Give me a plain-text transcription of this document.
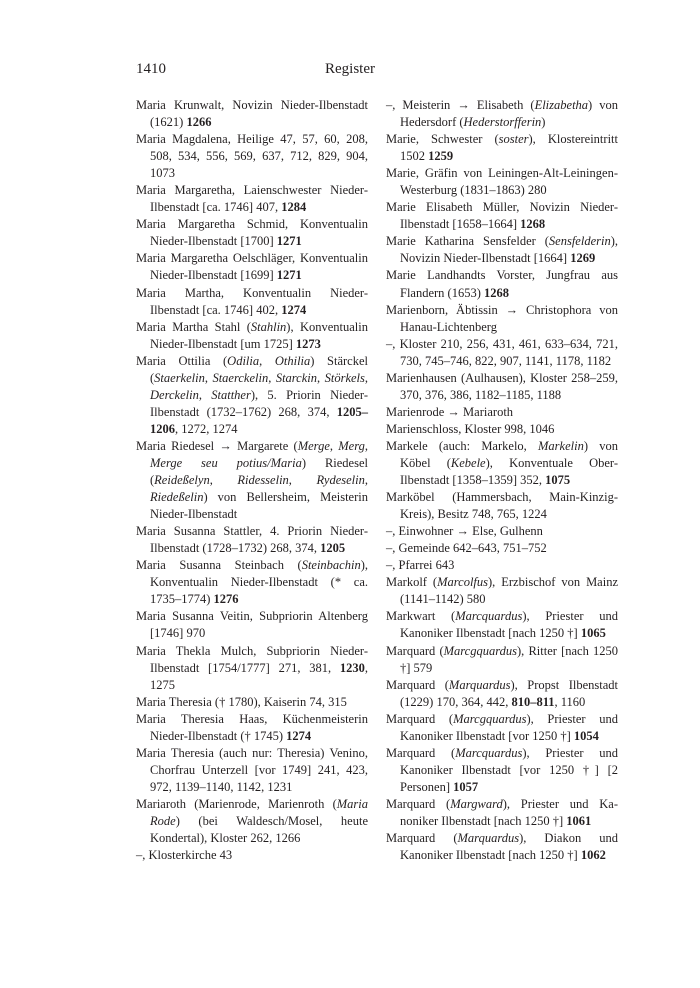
1410	Register

Maria Krunwalt, Novizin Nieder-Ilbenstadt (1621) 1266

Maria Magdalena, Heilige 47, 57, 60, 208, 508, 534, 556, 569, 637, 712, 829, 904, 1073

Maria Margaretha, Laienschwester Nieder-Ilbenstadt [ca. 1746] 407, 1284

Maria Margaretha Schmid, Konventualin Nieder-Ilbenstadt [1700] 1271

Maria Margaretha Oelschläger, Konventualin Nieder-Ilbenstadt [1699] 1271

Maria Martha, Konventualin Nieder-Ilbenstadt [ca. 1746] 402, 1274

Maria Martha Stahl (Stahlin), Konventualin Nieder-Ilbenstadt [um 1725] 1273

Maria Ottilia (Odilia, Othilia) Stärckel (Staerkelin, Staerckelin, Starckin, Störkels, Derckelin, Statther), 5. Priorin Nieder-Ilbenstadt (1732–1762) 268, 374, 1205–1206, 1272, 1274

Maria Riedesel → Margarete (Merge, Merg, Merge seu potius/Maria) Riedesel (Reideßelyn, Ridesselin, Rydeselin, Riedeßelin) von Bellersheim, Meisterin Nieder-Ilbenstadt

Maria Susanna Stattler, 4. Priorin Nieder-Ilbenstadt (1728–1732) 268, 374, 1205

Maria Susanna Steinbach (Steinbachin), Konventualin Nieder-Ilbenstadt (* ca. 1735–1774) 1276

Maria Susanna Veitin, Subpriorin Altenberg [1746] 970

Maria Thekla Mulch, Subpriorin Nieder-Ilbenstadt [1754/1777] 271, 381, 1230, 1275

Maria Theresia († 1780), Kaiserin 74, 315

Maria Theresia Haas, Küchenmeisterin Nieder-Ilbenstadt († 1745) 1274

Maria Theresia (auch nur: Theresia) Venino, Chorfrau Unterzell [vor 1749] 241, 423, 972, 1139–1140, 1142, 1231

Mariaroth (Marienrode, Marienroth (Maria Rode) (bei Waldesch/Mosel, heute Kondertal), Kloster 262, 1266

–, Klosterkirche 43

–, Meisterin → Elisabeth (Elizabetha) von Hedersdorf (Hederstorfferin)

Marie, Schwester (soster), Klostereintritt 1502 1259

Marie, Gräfin von Leiningen-Alt-Leiningen-Westerburg (1831–1863) 280

Marie Elisabeth Müller, Novizin Nieder-Ilbenstadt [1658–1664] 1268

Marie Katharina Sensfelder (Sensfelderin), Novizin Nieder-Ilbenstadt [1664] 1269

Marie Landhandts Vorster, Jungfrau aus Flandern (1653) 1268

Marienborn, Äbtissin → Christophora von Hanau-Lichtenberg

–, Kloster 210, 256, 431, 461, 633–634, 721, 730, 745–746, 822, 907, 1141, 1178, 1182

Marienhausen (Aulhausen), Kloster 258–259, 370, 376, 386, 1182–1185, 1188

Marienrode → Mariaroth

Marienschloss, Kloster 998, 1046

Markele (auch: Markelo, Markelin) von Köbel (Kebele), Konventuale Ober-Ilbenstadt [1358–1359] 352, 1075

Marköbel (Hammersbach, Main-Kinzig-Kreis), Besitz 748, 765, 1224

–, Einwohner → Else, Gulhenn

–, Gemeinde 642–643, 751–752

–, Pfarrei 643

Markolf (Marcolfus), Erzbischof von Mainz (1141–1142) 580

Markwart (Marcquardus), Priester und Kanoniker Ilbenstadt [nach 1250 †] 1065

Marquard (Marcgquardus), Ritter [nach 1250 †] 579

Marquard (Marquardus), Propst Ilbenstadt (1229) 170, 364, 442, 810–811, 1160

Marquard (Marcgquardus), Priester und Kanoniker Ilbenstadt [vor 1250 †] 1054

Marquard (Marcquardus), Priester und Kanoniker Ilbenstadt [vor 1250 †] [2 Personen] 1057

Marquard (Margward), Priester und Kanoniker Ilbenstadt [nach 1250 †] 1061

Marquard (Marquardus), Diakon und Kanoniker Ilbenstadt [nach 1250 †] 1062
